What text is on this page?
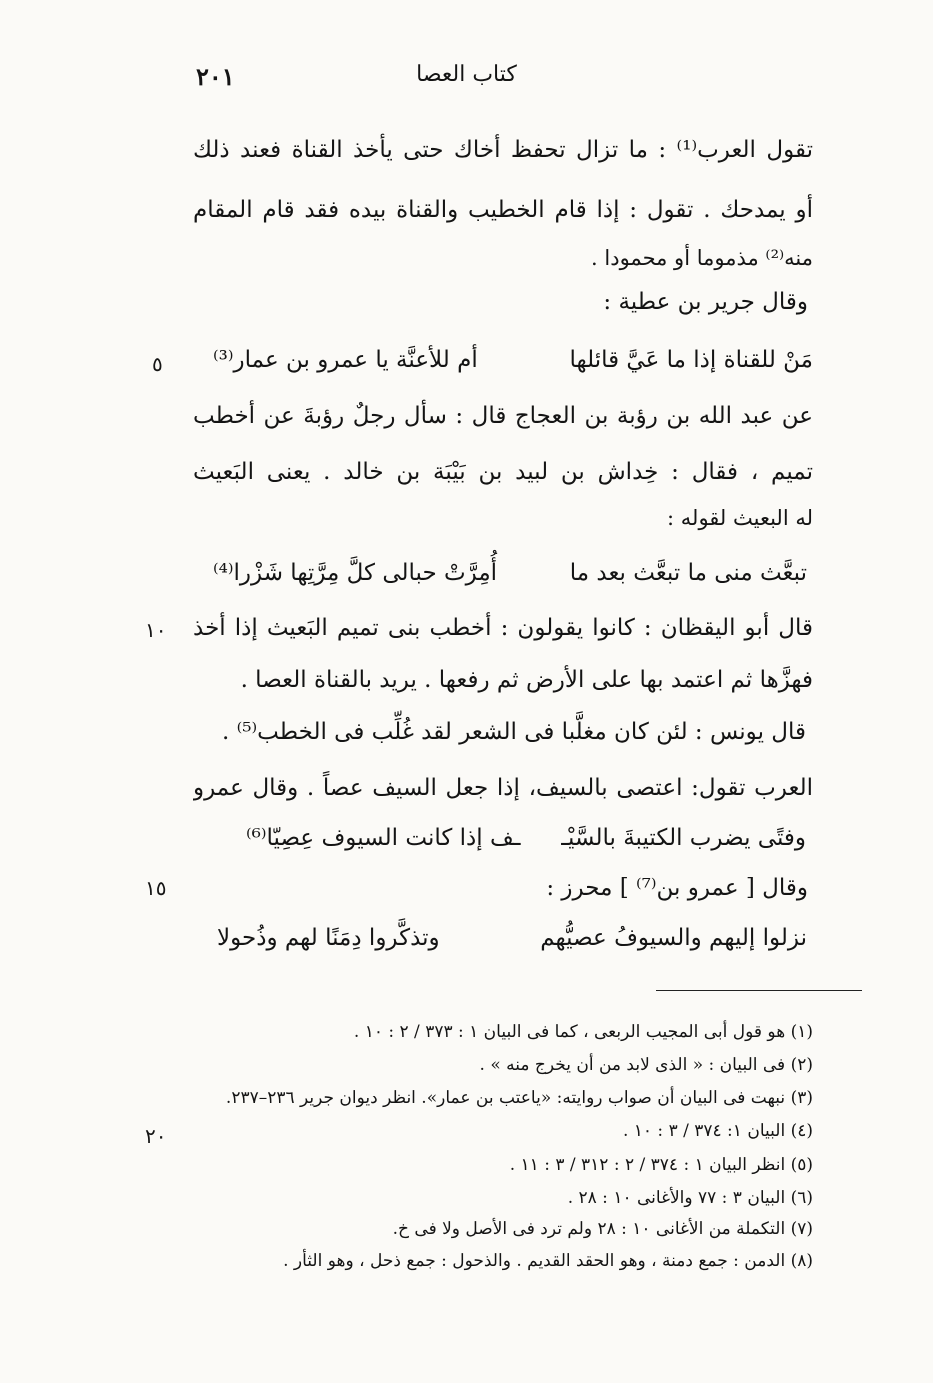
٢٠١	كتاب العصا
تقول العرب⁽¹⁾ : ما تزال تحفظ أخاك حتى يأخذ القناة فعند ذلك
أو يمدحك . تقول : إذا قام الخطيب والقناة بيده فقد قام المقام
منه⁽²⁾ مذموما أو محمودا .
وقال جرير بن عطية :
مَنْ للقناة إذا ما عَيَّ قائلها
أم للأعنَّة يا عمرو بن عمار⁽³⁾
عن عبد الله بن رؤبة بن العجاج قال : سأل رجلٌ رؤبةَ عن أخطب
تميم ، فقال : خِداش بن لبيد بن بَيْبَة بن خالد . يعنى البَعيث
له البعيث لقوله :
تبعَّث منى ما تبعَّث بعد ما
أُمِرَّتْ حبالى كلَّ مِرَّتِها شَزْرا⁽⁴⁾
قال أبو اليقظان : كانوا يقولون : أخطب بنى تميم البَعيث إذا أخذ
فهزَّها ثم اعتمد بها على الأرض ثم رفعها . يريد بالقناة العصا .
قال يونس : لئن كان مغلَّبا فى الشعر لقد غُلِّب فى الخطب⁽⁵⁾ .
العرب تقول: اعتصى بالسيف، إذا جعل السيف عصاً . وقال عمرو
وفتًى يضرب الكتيبةَ بالسَّيْـ
ـف إذا كانت السيوف عِصِيّا⁽⁶⁾
وقال [ عمرو بن⁽⁷⁾ ] محرز :
نزلوا إليهم والسيوفُ عصيُّهم
وتذكَّروا دِمَنًا لهم وذُحولا
٥
١٠
١٥
٢٠
(١) هو قول أبى المجيب الربعى ، كما فى البيان ١ : ٣٧٣ / ٢ : ١٠ .
(٢) فى البيان : « الذى لابد من أن يخرج منه » .
(٣) نبهت فى البيان أن صواب روايته: «ياعتب بن عمار». انظر ديوان جرير ٢٣٦–٢٣٧.
(٤) البيان ١: ٣٧٤ / ٣ : ١٠ .
(٥) انظر البيان ١ : ٣٧٤ / ٢ : ٣١٢ / ٣ : ١١ .
(٦) البيان ٣ : ٧٧ والأغانى ١٠ : ٢٨ .
(٧) التكملة من الأغانى ١٠ : ٢٨ ولم ترد فى الأصل ولا فى خ.
(٨) الدمن : جمع دمنة ، وهو الحقد القديم . والذحول : جمع ذحل ، وهو الثأر .
